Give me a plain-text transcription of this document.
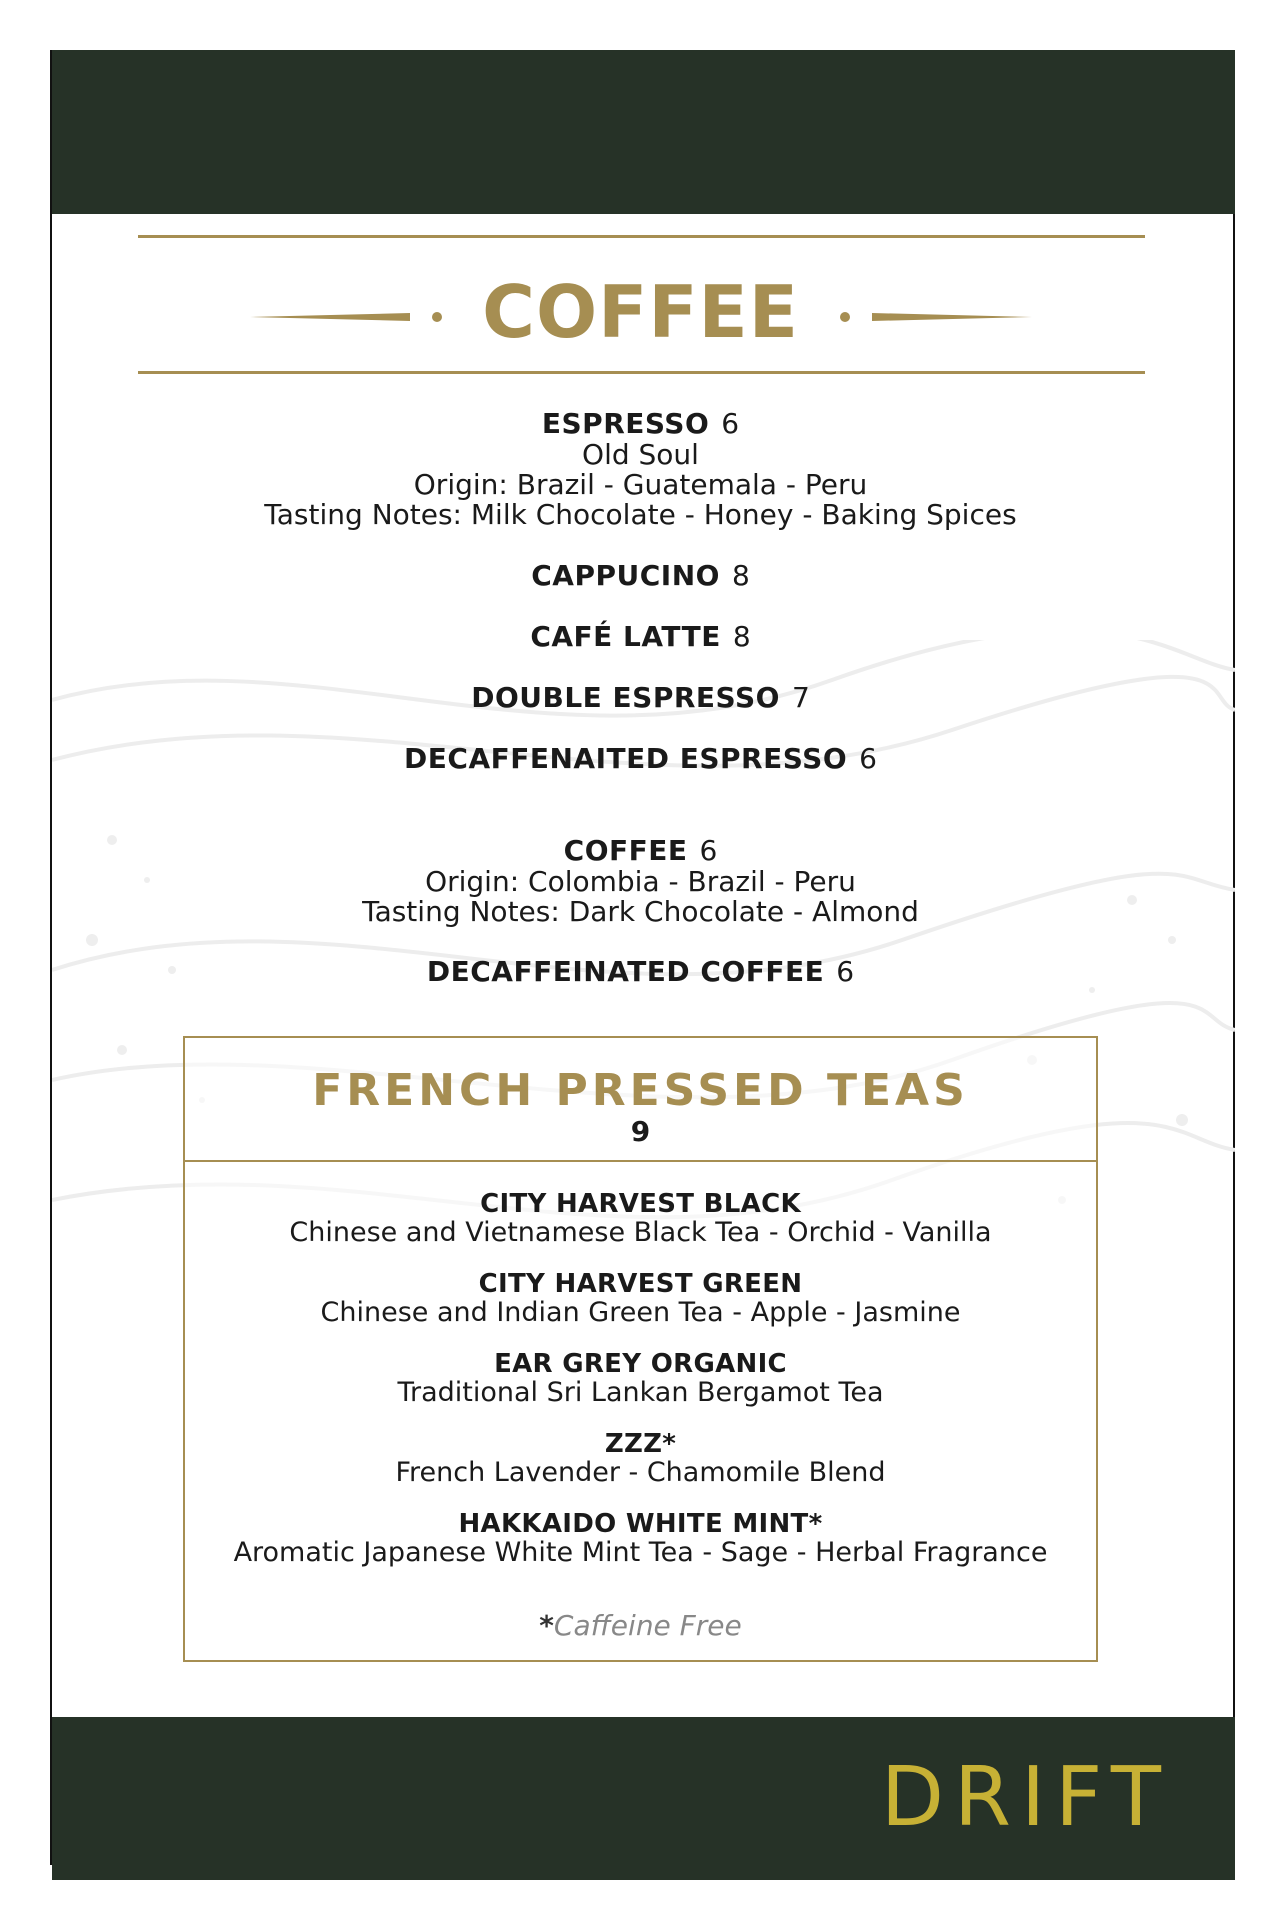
COFFEE
ESPRESSO 6
Old Soul
Origin: Brazil - Guatemala - Peru
Tasting Notes: Milk Chocolate - Honey - Baking Spices
CAPPUCINO 8
CAFÉ LATTE 8
DOUBLE ESPRESSO 7
DECAFFENAITED ESPRESSO 6
COFFEE 6
Origin: Colombia - Brazil - Peru
Tasting Notes: Dark Chocolate - Almond
DECAFFEINATED COFFEE 6
FRENCH PRESSED TEAS
9
CITY HARVEST BLACK
Chinese and Vietnamese Black Tea - Orchid - Vanilla
CITY HARVEST GREEN
Chinese and Indian Green Tea - Apple - Jasmine
EAR GREY ORGANIC
Traditional Sri Lankan Bergamot Tea
ZZZ*
French Lavender - Chamomile Blend
HAKKAIDO WHITE MINT*
Aromatic Japanese White Mint Tea - Sage - Herbal Fragrance
*Caffeine Free
DRIFT
